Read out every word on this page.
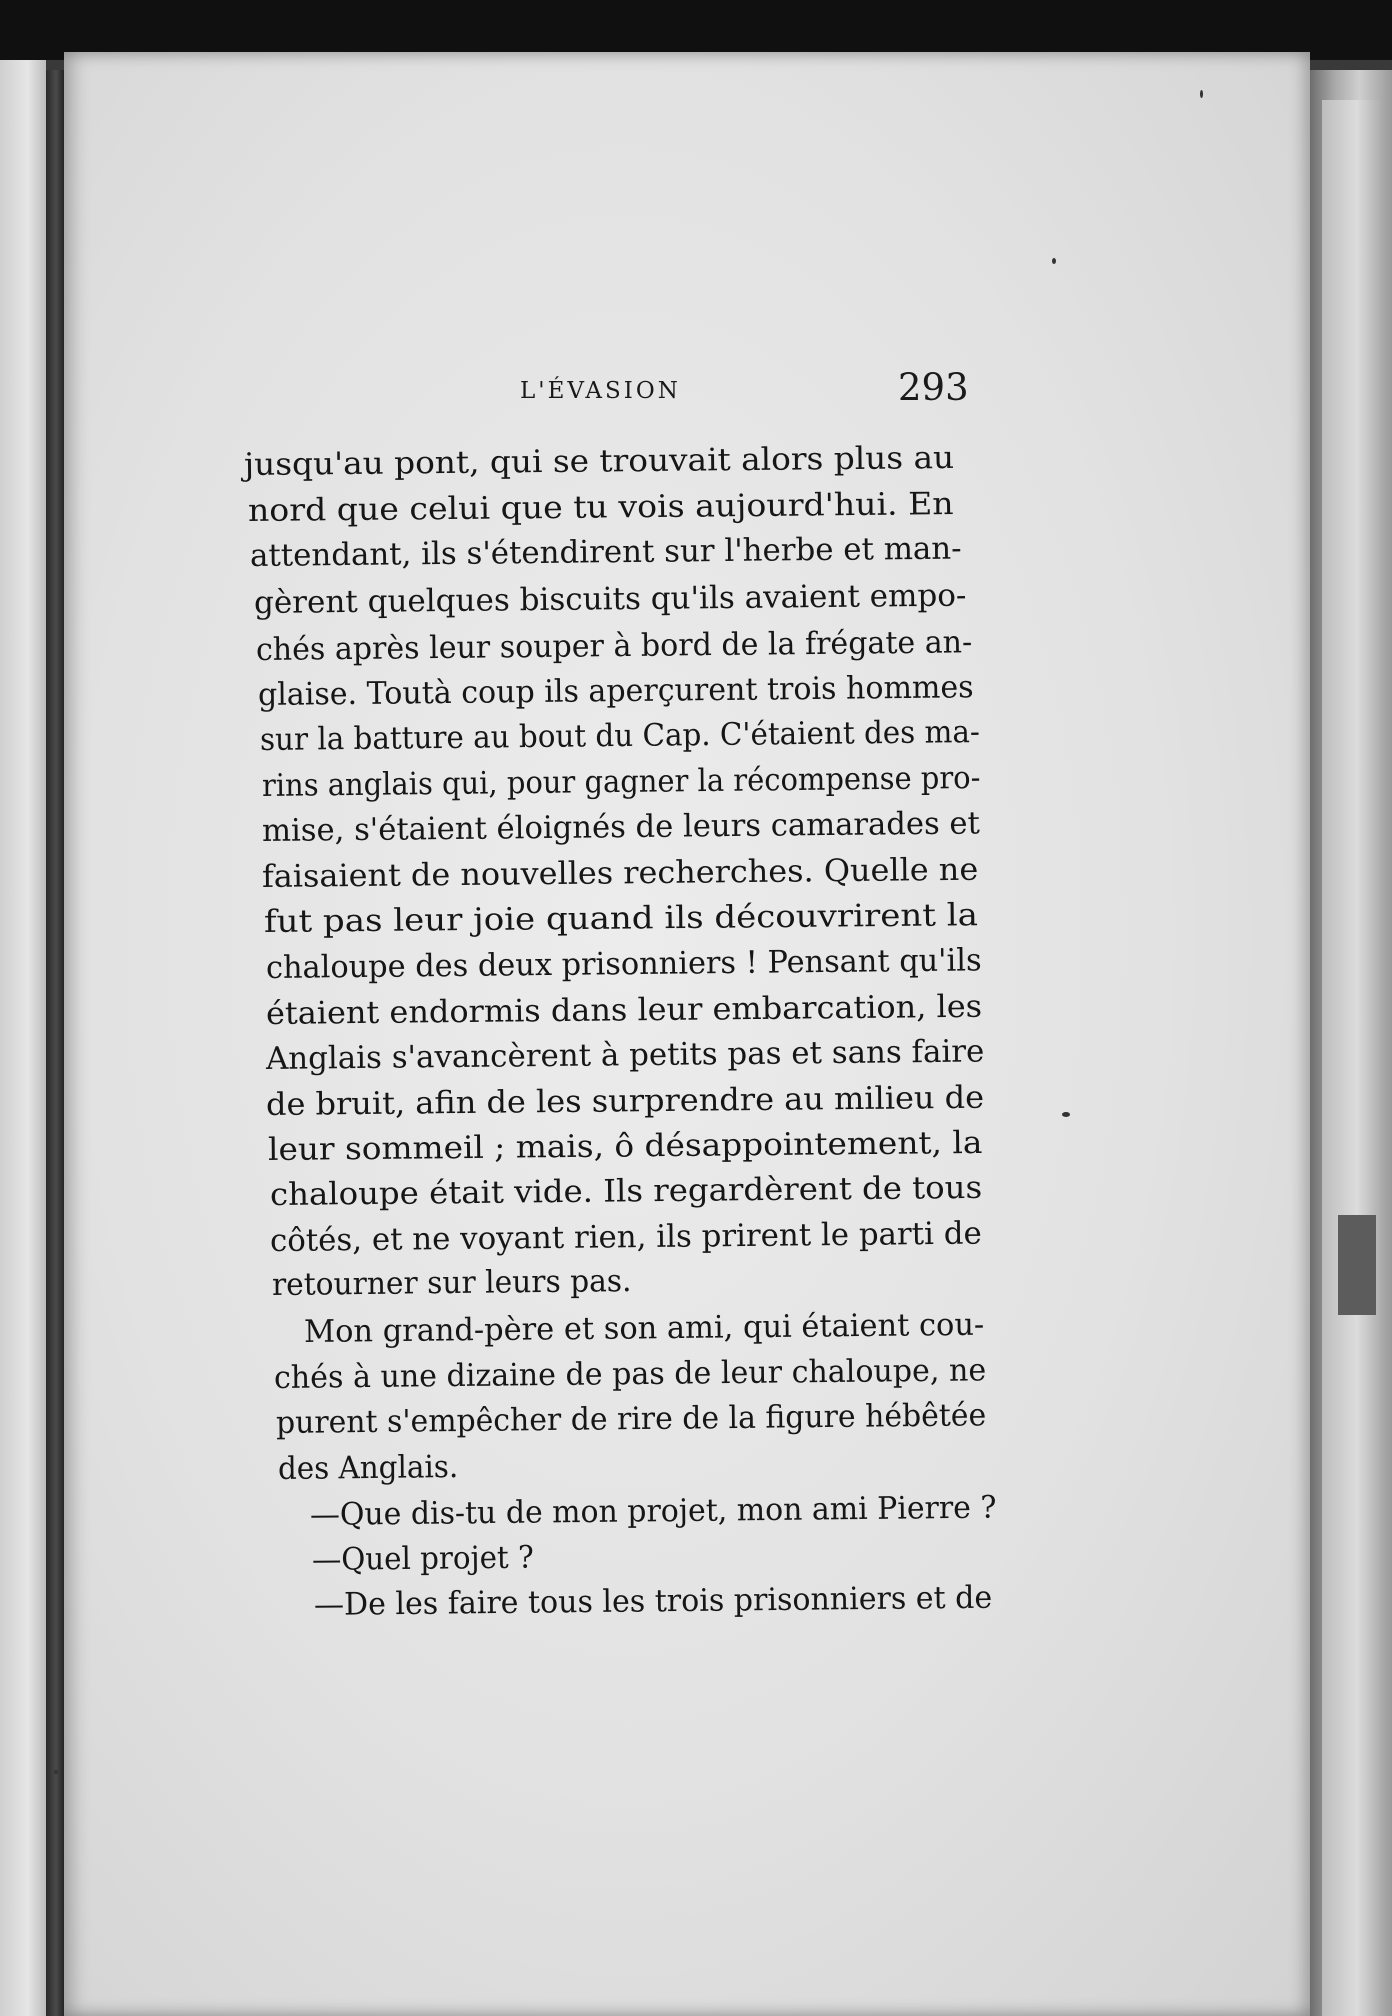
L'ÉVASION	293
jusqu'au pont, qui se trouvait alors plus au
nord que celui que tu vois aujourd'hui. En
attendant, ils s'étendirent sur l'herbe et man-
gèrent quelques biscuits qu'ils avaient empo-
chés après leur souper à bord de la frégate an-
glaise. Toutà coup ils aperçurent trois hommes
sur la batture au bout du Cap. C'étaient des ma-
rins anglais qui, pour gagner la récompense pro-
mise, s'étaient éloignés de leurs camarades et
faisaient de nouvelles recherches. Quelle ne
fut pas leur joie quand ils découvrirent la
chaloupe des deux prisonniers ! Pensant qu'ils
étaient endormis dans leur embarcation, les
Anglais s'avancèrent à petits pas et sans faire
de bruit, afin de les surprendre au milieu de
leur sommeil ; mais, ô désappointement, la
chaloupe était vide. Ils regardèrent de tous
côtés, et ne voyant rien, ils prirent le parti de
retourner sur leurs pas.
Mon grand-père et son ami, qui étaient cou-
chés à une dizaine de pas de leur chaloupe, ne
purent s'empêcher de rire de la figure hébêtée
des Anglais.
—Que dis-tu de mon projet, mon ami Pierre ?
—Quel projet ?
—De les faire tous les trois prisonniers et de
